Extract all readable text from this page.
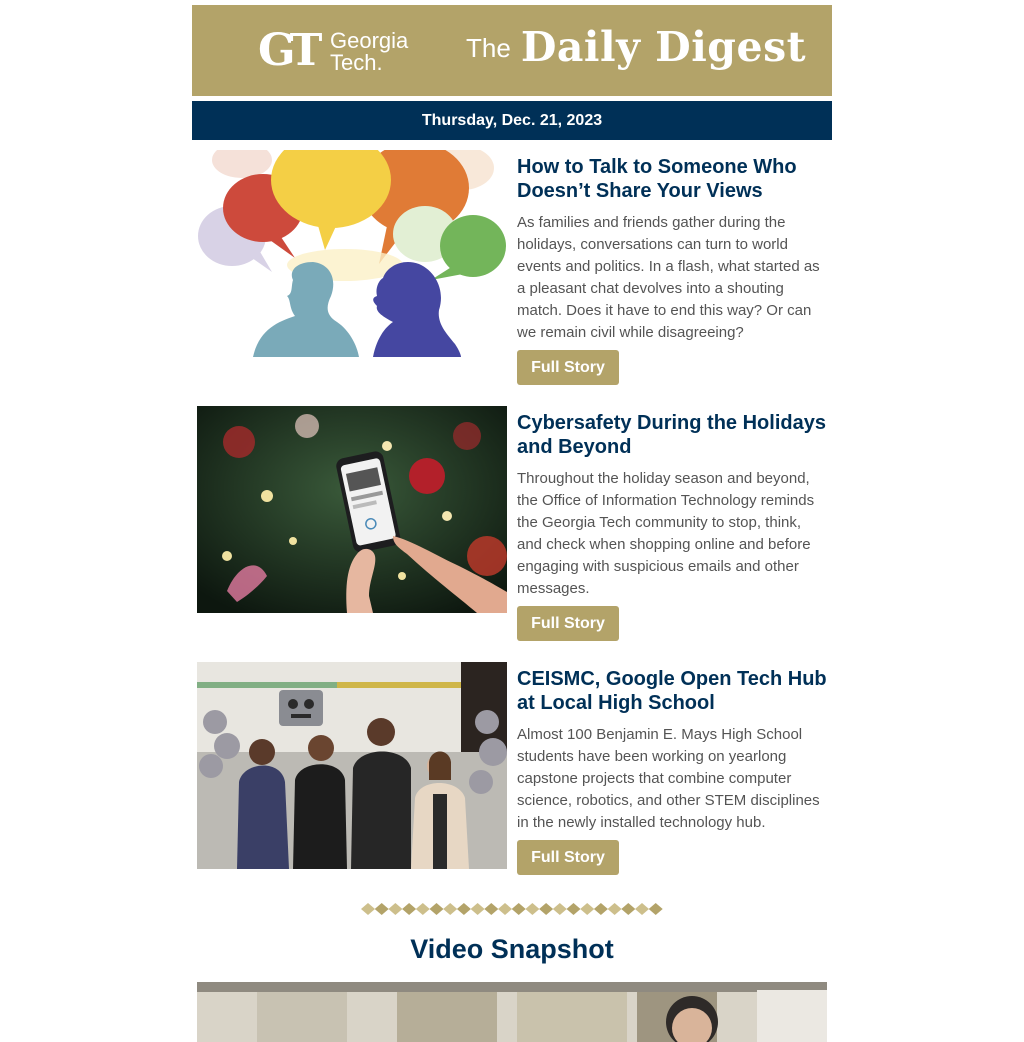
GT Georgia
Tech.	The Daily Digest
Thursday, Dec. 21, 2023
How to Talk to Someone Who Doesn’t Share Your Views

As families and friends gather during the holidays, conversations can turn to world events and politics. In a flash, what started as a pleasant chat devolves into a shouting match. Does it have to end this way? Or can we remain civil while disagreeing?

Full Story
Cybersafety During the Holidays and Beyond

Throughout the holiday season and beyond, the Office of Information Technology reminds the Georgia Tech community to stop, think, and check when shopping online and before engaging with suspicious emails and other messages.

Full Story
CEISMC, Google Open Tech Hub at Local High School

Almost 100 Benjamin E. Mays High School students have been working on yearlong capstone projects that combine computer science, robotics, and other STEM disciplines in the newly installed technology hub.

Full Story
Video Snapshot
